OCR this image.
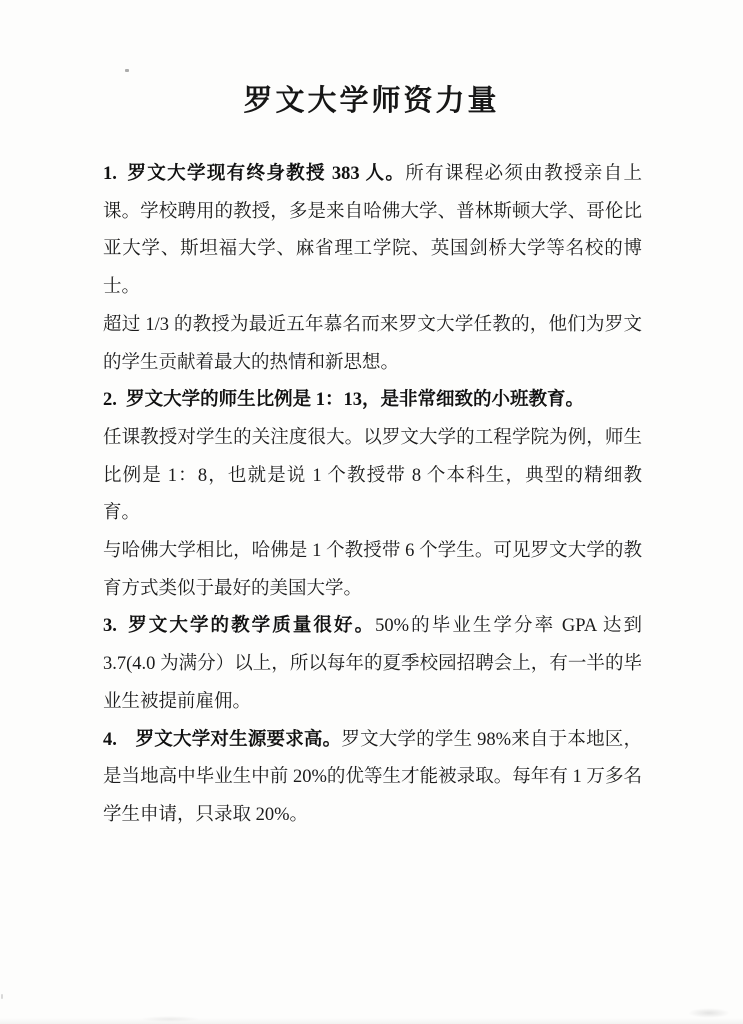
罗文大学师资力量

1. 罗文大学现有终身教授 383 人。所有课程必须由教授亲自上课。学校聘用的教授，多是来自哈佛大学、普林斯顿大学、哥伦比亚大学、斯坦福大学、麻省理工学院、英国剑桥大学等名校的博士。

超过 1/3 的教授为最近五年慕名而来罗文大学任教的，他们为罗文的学生贡献着最大的热情和新思想。

2. 罗文大学的师生比例是 1：13，是非常细致的小班教育。

任课教授对学生的关注度很大。以罗文大学的工程学院为例，师生比例是 1：8，也就是说 1 个教授带 8 个本科生，典型的精细教育。

与哈佛大学相比，哈佛是 1 个教授带 6 个学生。可见罗文大学的教育方式类似于最好的美国大学。

3. 罗文大学的教学质量很好。50%的毕业生学分率 GPA 达到 3.7(4.0 为满分）以上，所以每年的夏季校园招聘会上，有一半的毕业生被提前雇佣。

4. 罗文大学对生源要求高。罗文大学的学生 98%来自于本地区，是当地高中毕业生中前 20%的优等生才能被录取。每年有 1 万多名学生申请，只录取 20%。
